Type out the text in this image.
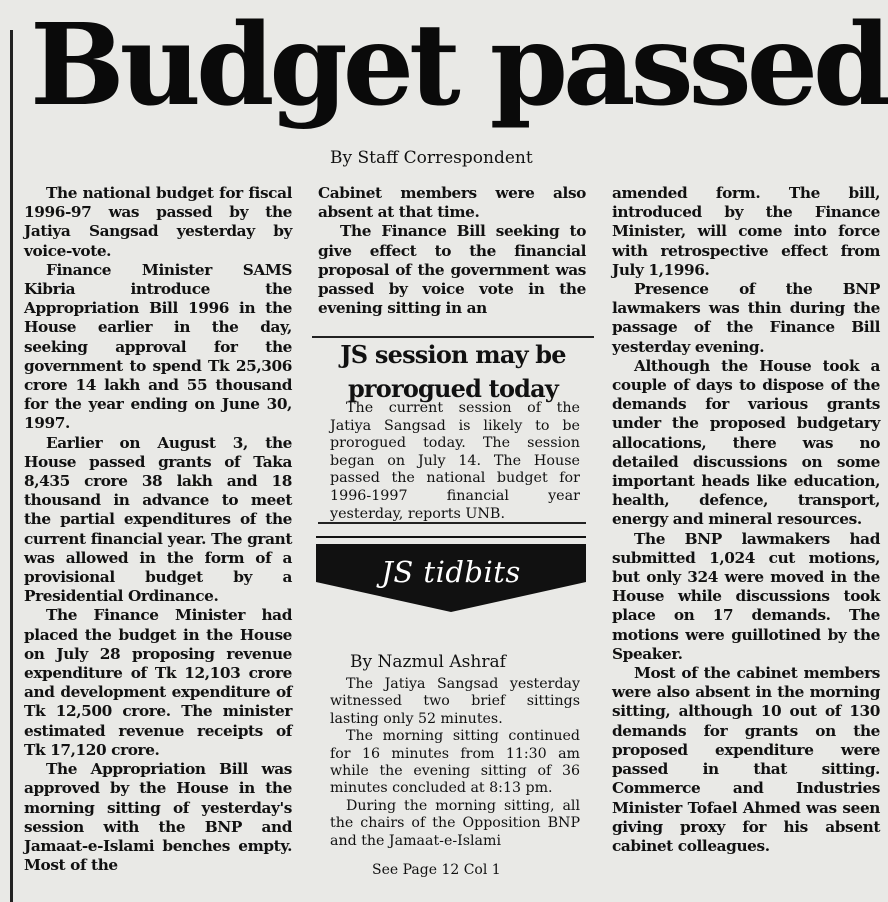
Budget passed
By Staff Correspondent

The national budget for fiscal 1996-97 was passed by the Jatiya Sangsad yesterday by voice-vote.

Finance Minister SAMS Kibria introduce the Appropriation Bill 1996 in the House earlier in the day, seeking approval for the government to spend Tk 25,306 crore 14 lakh and 55 thousand for the year ending on June 30, 1997.

Earlier on August 3, the House passed grants of Taka 8,435 crore 38 lakh and 18 thousand in advance to meet the partial expenditures of the current financial year. The grant was allowed in the form of a provisional budget by a Presidential Ordinance.

The Finance Minister had placed the budget in the House on July 28 proposing revenue expenditure of Tk 12,103 crore and development expenditure of Tk 12,500 crore. The minister estimated revenue receipts of Tk 17,120 crore.

The Appropriation Bill was approved by the House in the morning sitting of yesterday's session with the BNP and Jamaat-e-Islami benches empty. Most of the

Cabinet members were also absent at that time.

The Finance Bill seeking to give effect to the financial proposal of the government was passed by voice vote in the evening sitting in an

JS session may be
prorogued today

The current session of the Jatiya Sangsad is likely to be prorogued today. The session began on July 14. The House passed the national budget for 1996-1997 financial year yesterday, reports UNB.

JS tidbits
By Nazmul Ashraf

The Jatiya Sangsad yesterday witnessed two brief sittings lasting only 52 minutes.

The morning sitting continued for 16 minutes from 11:30 am while the evening sitting of 36 minutes concluded at 8:13 pm.

During the morning sitting, all the chairs of the Opposition BNP and the Jamaat-e-Islami

See Page 12 Col 1

amended form. The bill, introduced by the Finance Minister, will come into force with retrospective effect from July 1,1996.

Presence of the BNP lawmakers was thin during the passage of the Finance Bill yesterday evening.

Although the House took a couple of days to dispose of the demands for various grants under the proposed budgetary allocations, there was no detailed discussions on some important heads like education, health, defence, transport, energy and mineral resources.

The BNP lawmakers had submitted 1,024 cut motions, but only 324 were moved in the House while discussions took place on 17 demands. The motions were guillotined by the Speaker.

Most of the cabinet members were also absent in the morning sitting, although 10 out of 130 demands for grants on the proposed expenditure were passed in that sitting. Commerce and Industries Minister Tofael Ahmed was seen giving proxy for his absent cabinet colleagues.
